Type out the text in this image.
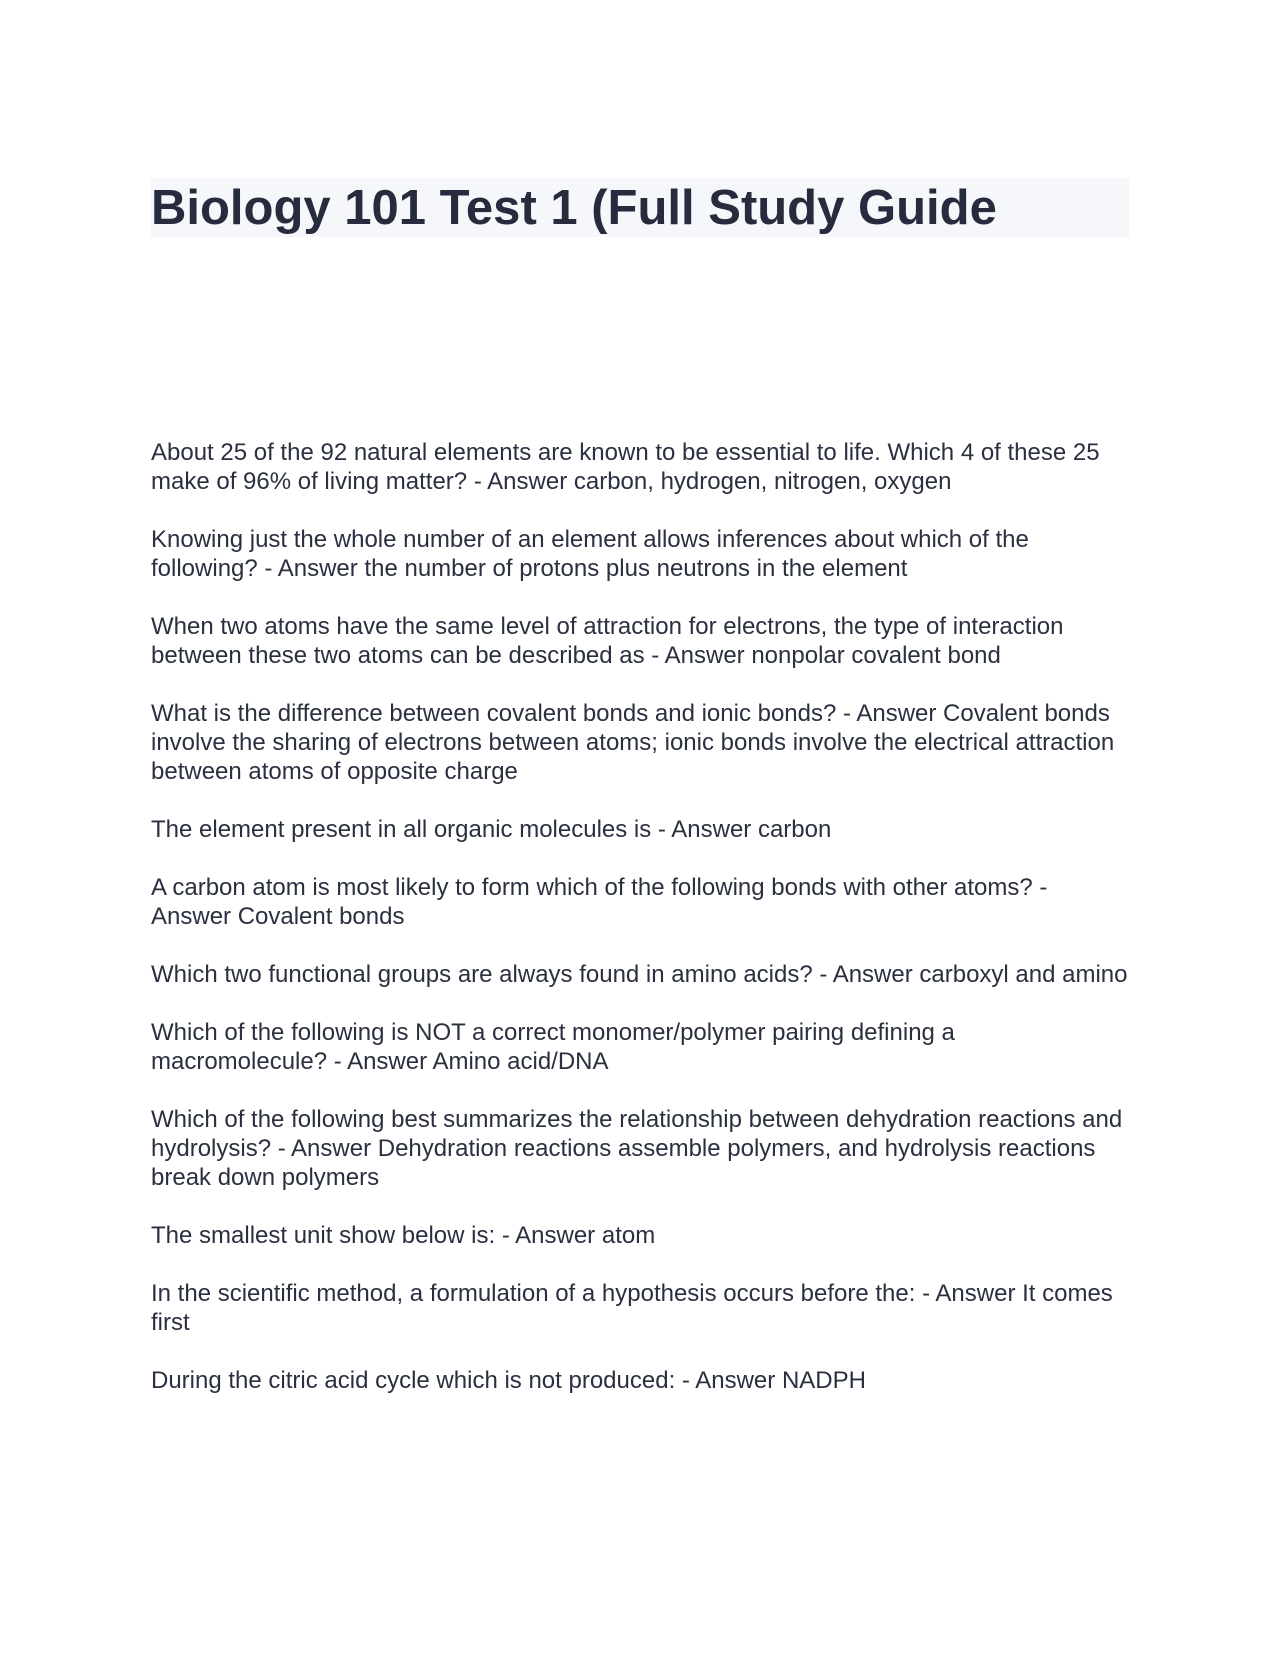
Biology 101 Test 1 (Full Study Guide

About 25 of the 92 natural elements are known to be essential to life. Which 4 of these 25 make of 96% of living matter? - Answer carbon, hydrogen, nitrogen, oxygen

Knowing just the whole number of an element allows inferences about which of the following? - Answer the number of protons plus neutrons in the element

When two atoms have the same level of attraction for electrons, the type of interaction between these two atoms can be described as - Answer nonpolar covalent bond

What is the difference between covalent bonds and ionic bonds? - Answer Covalent bonds involve the sharing of electrons between atoms; ionic bonds involve the electrical attraction between atoms of opposite charge

The element present in all organic molecules is - Answer carbon

A carbon atom is most likely to form which of the following bonds with other atoms? - Answer Covalent bonds

Which two functional groups are always found in amino acids? - Answer carboxyl and amino

Which of the following is NOT a correct monomer/polymer pairing defining a macromolecule? - Answer Amino acid/DNA

Which of the following best summarizes the relationship between dehydration reactions and hydrolysis? - Answer Dehydration reactions assemble polymers, and hydrolysis reactions break down polymers

The smallest unit show below is: - Answer atom

In the scientific method, a formulation of a hypothesis occurs before the: - Answer It comes first

During the citric acid cycle which is not produced: - Answer NADPH
